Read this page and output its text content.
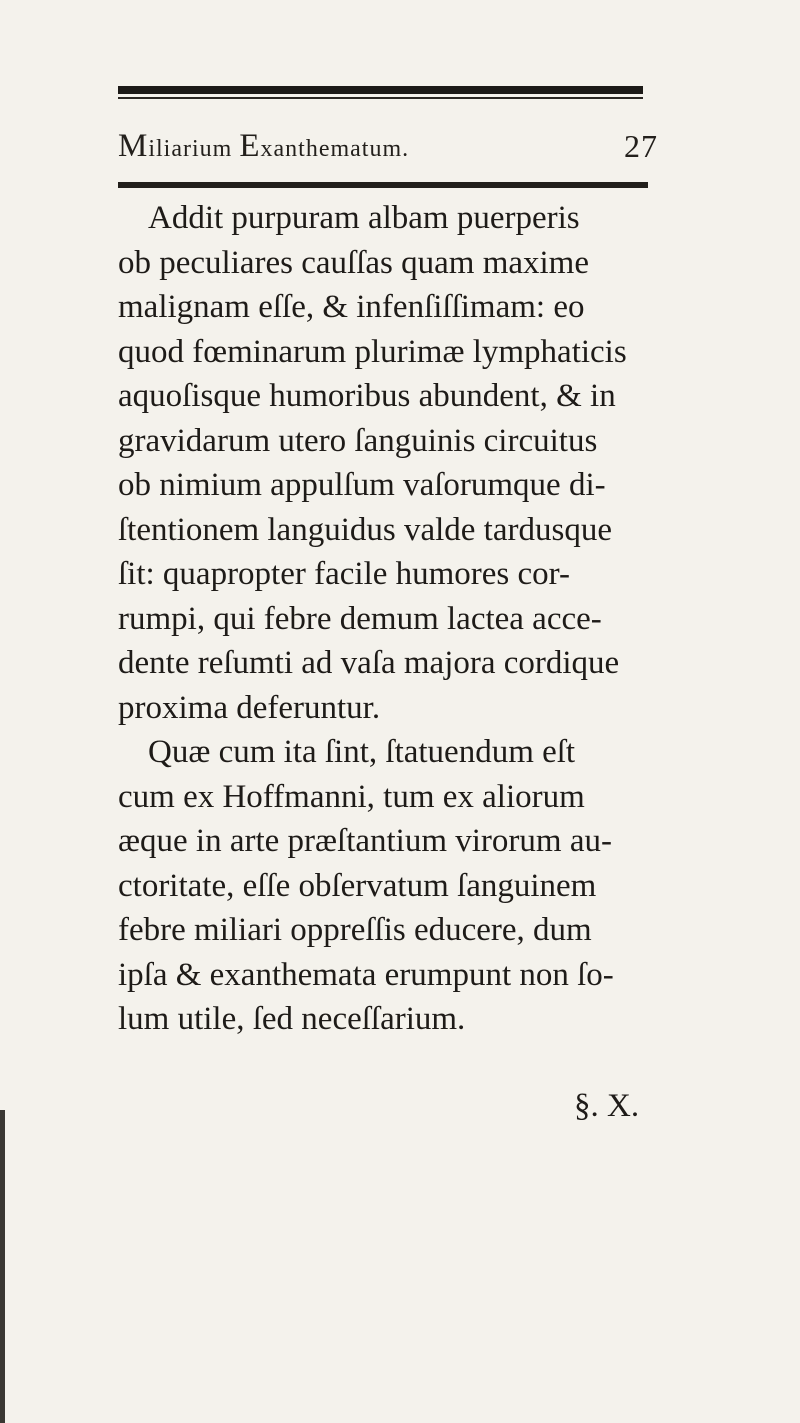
Miliarium Exanthematum.	27
Addit purpuram albam puerperis
ob peculiares cauſſas quam maxime
malignam eſſe, & infenſiſſimam: eo
quod fœminarum plurimæ lymphaticis
aquoſisque humoribus abundent, & in
gravidarum utero ſanguinis circuitus
ob nimium appulſum vaſorumque di-
ſtentionem languidus valde tardusque
ſit: quapropter facile humores cor-
rumpi, qui febre demum lactea acce-
dente reſumti ad vaſa majora cordique
proxima deferuntur.
Quæ cum ita ſint, ſtatuendum eſt
cum ex Hoffmanni, tum ex aliorum
æque in arte præſtantium virorum au-
ctoritate, eſſe obſervatum ſanguinem
febre miliari oppreſſis educere, dum
ipſa & exanthemata erumpunt non ſo-
lum utile, ſed neceſſarium.
§. X.
